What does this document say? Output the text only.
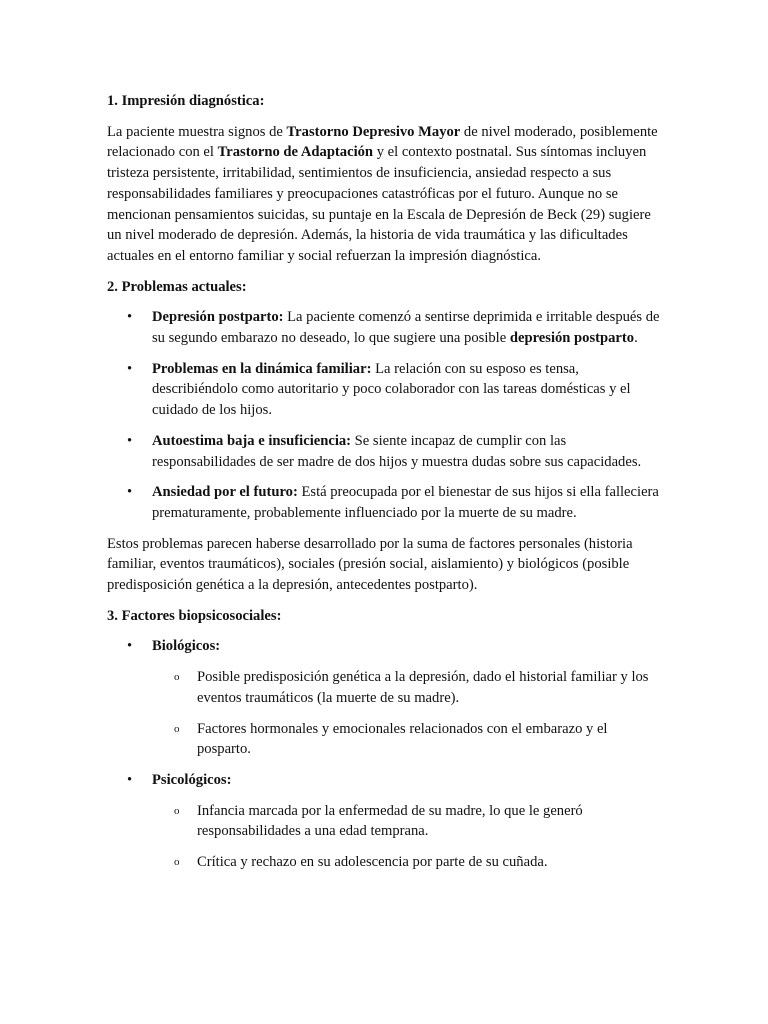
1. Impresión diagnóstica:

La paciente muestra signos de Trastorno Depresivo Mayor de nivel moderado, posiblemente relacionado con el Trastorno de Adaptación y el contexto postnatal. Sus síntomas incluyen tristeza persistente, irritabilidad, sentimientos de insuficiencia, ansiedad respecto a sus responsabilidades familiares y preocupaciones catastróficas por el futuro. Aunque no se mencionan pensamientos suicidas, su puntaje en la Escala de Depresión de Beck (29) sugiere un nivel moderado de depresión. Además, la historia de vida traumática y las dificultades actuales en el entorno familiar y social refuerzan la impresión diagnóstica.

2. Problemas actuales:

• Depresión postparto: La paciente comenzó a sentirse deprimida e irritable después de su segundo embarazo no deseado, lo que sugiere una posible depresión postparto.
• Problemas en la dinámica familiar: La relación con su esposo es tensa, describiéndolo como autoritario y poco colaborador con las tareas domésticas y el cuidado de los hijos.
• Autoestima baja e insuficiencia: Se siente incapaz de cumplir con las responsabilidades de ser madre de dos hijos y muestra dudas sobre sus capacidades.
• Ansiedad por el futuro: Está preocupada por el bienestar de sus hijos si ella falleciera prematuramente, probablemente influenciado por la muerte de su madre.

Estos problemas parecen haberse desarrollado por la suma de factores personales (historia familiar, eventos traumáticos), sociales (presión social, aislamiento) y biológicos (posible predisposición genética a la depresión, antecedentes postparto).

3. Factores biopsicosociales:

• Biológicos:
o Posible predisposición genética a la depresión, dado el historial familiar y los eventos traumáticos (la muerte de su madre).
o Factores hormonales y emocionales relacionados con el embarazo y el posparto.
• Psicológicos:
o Infancia marcada por la enfermedad de su madre, lo que le generó responsabilidades a una edad temprana.
o Crítica y rechazo en su adolescencia por parte de su cuñada.
